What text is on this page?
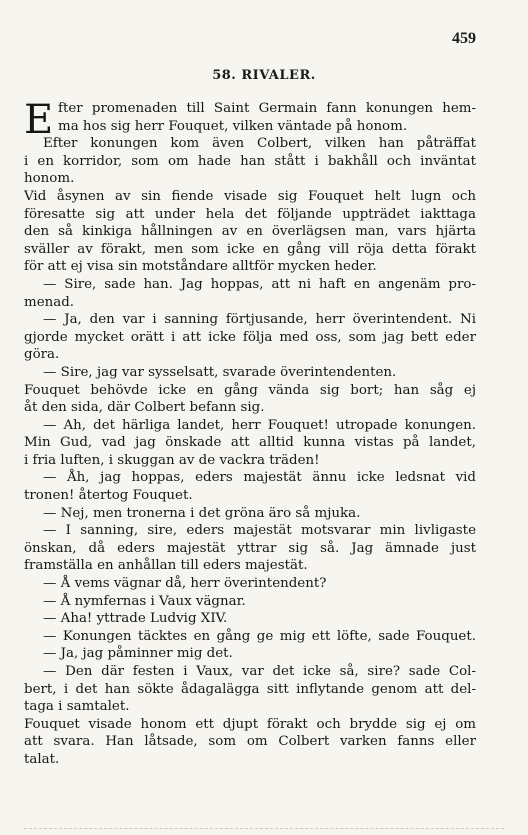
459
58. RIVALER.
E fter promenaden till Saint Germain fann konungen hem-
ma hos sig herr Fouquet, vilken väntade på honom.
Efter konungen kom även Colbert, vilken han påträffat
i en korridor, som om hade han stått i bakhåll och inväntat
honom.
Vid åsynen av sin fiende visade sig Fouquet helt lugn och
föresatte sig att under hela det följande uppträdet iakttaga
den så kinkiga hållningen av en överlägsen man, vars hjärta
sväller av förakt, men som icke en gång vill röja detta förakt
för att ej visa sin motståndare alltför mycken heder.
— Sire, sade han. Jag hoppas, att ni haft en angenäm pro-
menad.
— Ja, den var i sanning förtjusande, herr överintendent. Ni
gjorde mycket orätt i att icke följa med oss, som jag bett eder
göra.
— Sire, jag var sysselsatt, svarade överintendenten.
Fouquet behövde icke en gång vända sig bort; han såg ej
åt den sida, där Colbert befann sig.
— Ah, det härliga landet, herr Fouquet! utropade konungen.
Min Gud, vad jag önskade att alltid kunna vistas på landet,
i fria luften, i skuggan av de vackra träden!
— Åh, jag hoppas, eders majestät ännu icke ledsnat vid
tronen! återtog Fouquet.
— Nej, men tronerna i det gröna äro så mjuka.
— I sanning, sire, eders majestät motsvarar min livligaste
önskan, då eders majestät yttrar sig så. Jag ämnade just
framställa en anhållan till eders majestät.
— Å vems vägnar då, herr överintendent?
— Å nymfernas i Vaux vägnar.
— Aha! yttrade Ludvig XIV.
— Konungen täcktes en gång ge mig ett löfte, sade Fouquet.
— Ja, jag påminner mig det.
— Den där festen i Vaux, var det icke så, sire? sade Col-
bert, i det han sökte ådagalägga sitt inflytande genom att del-
taga i samtalet.
Fouquet visade honom ett djupt förakt och brydde sig ej om
att svara. Han låtsade, som om Colbert varken fanns eller
talat.
